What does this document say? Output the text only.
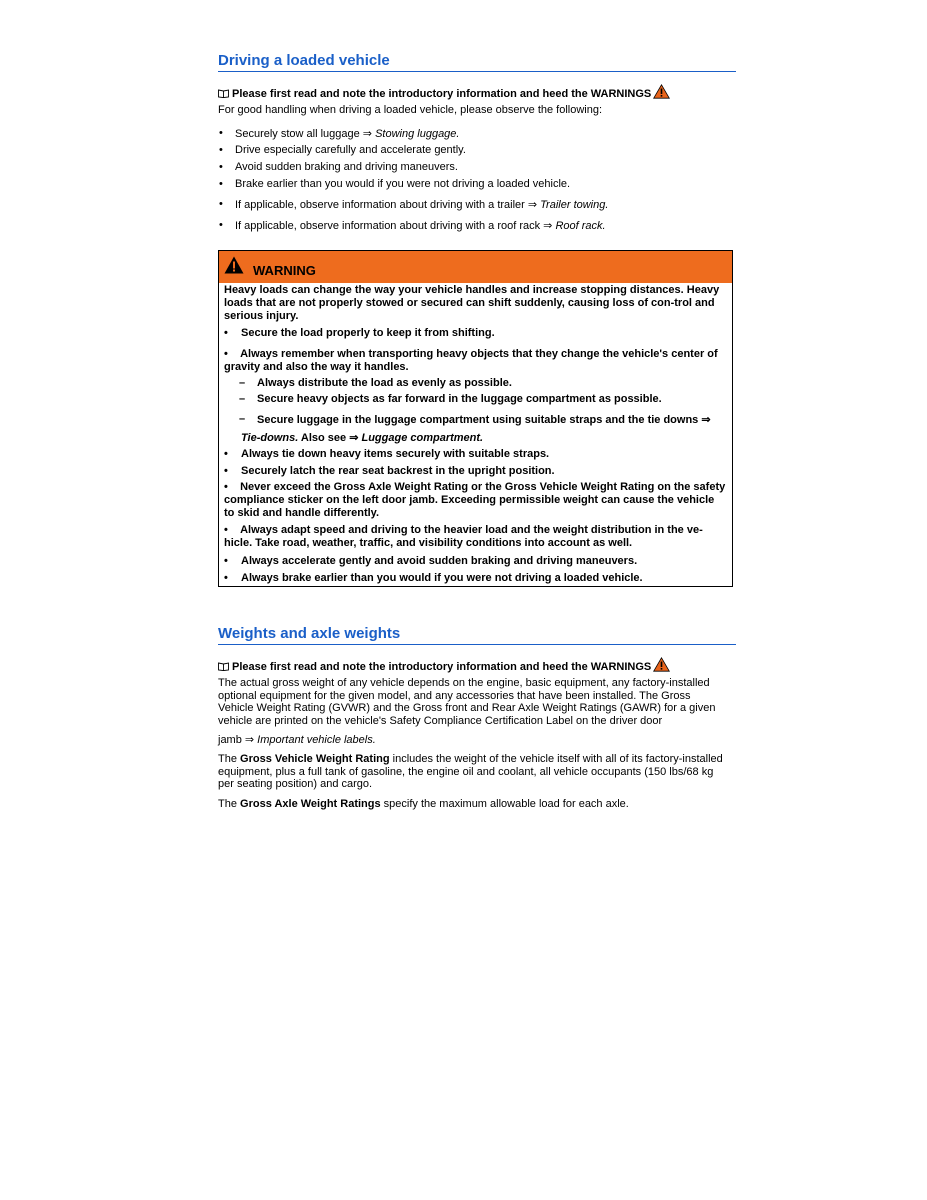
Driving a loaded vehicle
Please first read and note the introductory information and heed the WARNINGS
For good handling when driving a loaded vehicle, please observe the following:
• Securely stow all luggage ⇒ Stowing luggage.
• Drive especially carefully and accelerate gently.
• Avoid sudden braking and driving maneuvers.
• Brake earlier than you would if you were not driving a loaded vehicle.
• If applicable, observe information about driving with a trailer ⇒ Trailer towing.
• If applicable, observe information about driving with a roof rack ⇒ Roof rack.
WARNING
Heavy loads can change the way your vehicle handles and increase stopping distances. Heavy loads that are not properly stowed or secured can shift suddenly, causing loss of con-trol and serious injury.
• Secure the load properly to keep it from shifting.
•    Always remember when transporting heavy objects that they change the vehicle's center of gravity and also the way it handles.
– Always distribute the load as evenly as possible.
– Secure heavy objects as far forward in the luggage compartment as possible.
– Secure luggage in the luggage compartment using suitable straps and the tie downs ⇒
Tie-downs. Also see ⇒ Luggage compartment.
• Always tie down heavy items securely with suitable straps.
• Securely latch the rear seat backrest in the upright position.
•    Never exceed the Gross Axle Weight Rating or the Gross Vehicle Weight Rating on the safety compliance sticker on the left door jamb. Exceeding permissible weight can cause the vehicle to skid and handle differently.
•    Always adapt speed and driving to the heavier load and the weight distribution in the ve-hicle. Take road, weather, traffic, and visibility conditions into account as well.
• Always accelerate gently and avoid sudden braking and driving maneuvers.
• Always brake earlier than you would if you were not driving a loaded vehicle.
Weights and axle weights
Please first read and note the introductory information and heed the WARNINGS
The actual gross weight of any vehicle depends on the engine, basic equipment, any factory-installed optional equipment for the given model, and any accessories that have been installed. The Gross Vehicle Weight Rating (GVWR) and the Gross front and Rear Axle Weight Ratings (GAWR) for a given vehicle are printed on the vehicle's Safety Compliance Certification Label on the driver door
jamb ⇒ Important vehicle labels.
The Gross Vehicle Weight Rating includes the weight of the vehicle itself with all of its factory-installed equipment, plus a full tank of gasoline, the engine oil and coolant, all vehicle occupants (150 lbs/68 kg per seating position) and cargo.
The Gross Axle Weight Ratings specify the maximum allowable load for each axle.
